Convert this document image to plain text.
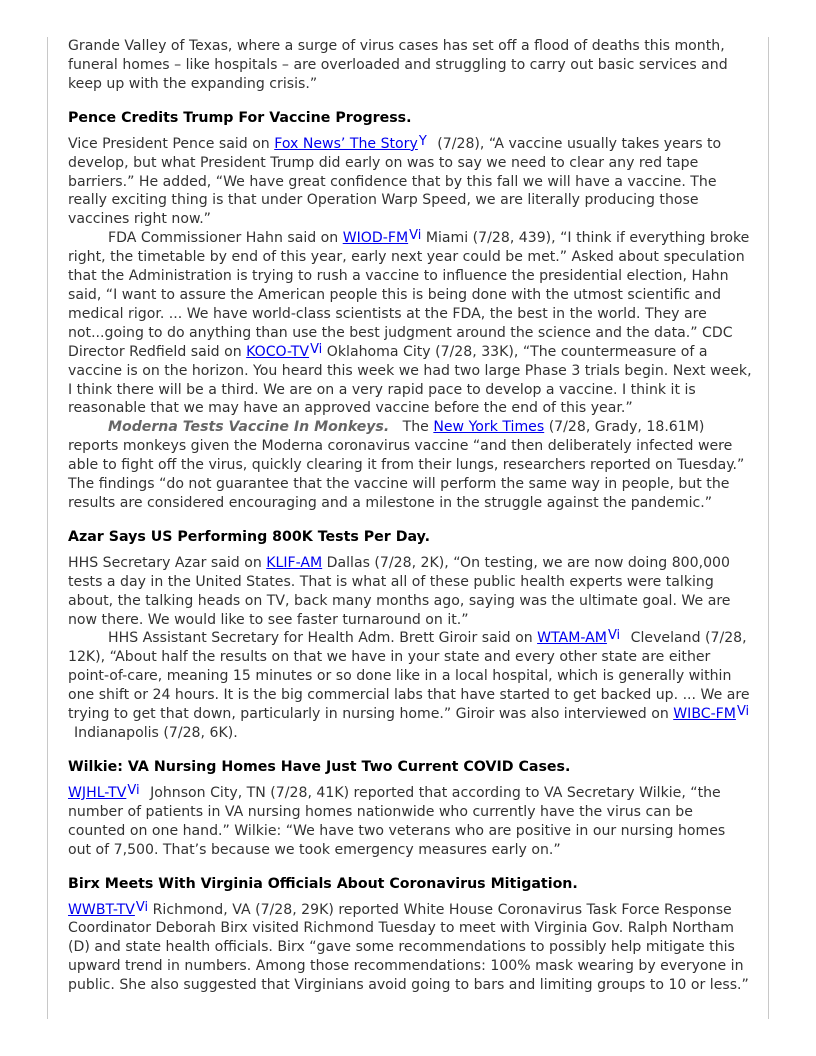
Grande Valley of Texas, where a surge of virus cases has set off a flood of deaths this month, funeral homes – like hospitals – are overloaded and struggling to carry out basic services and keep up with the expanding crisis.”

Pence Credits Trump For Vaccine Progress.

Vice President Pence said on Fox News’ The Story$^Y$ (7/28), “A vaccine usually takes years to develop, but what President Trump did early on was to say we need to clear any red tape barriers.” He added, “We have great confidence that by this fall we will have a vaccine. The really exciting thing is that under Operation Warp Speed, we are literally producing those vaccines right now.”

FDA Commissioner Hahn said on WIOD-$FM^{Vi}$ Miami (7/28, 439), “I think if everything broke right, the timetable by end of this year, early next year could be met.” Asked about speculation that the Administration is trying to rush a vaccine to influence the presidential election, Hahn said, “I want to assure the American people this is being done with the utmost scientific and medical rigor. ... We have world-class scientists at the FDA, the best in the world. They are not...going to do anything than use the best judgment around the science and the data.” CDC Director Redfield said on KOCO-$TV^{Vi}$ Oklahoma City (7/28, 33K), “The countermeasure of a vaccine is on the horizon. You heard this week we had two large Phase 3 trials begin. Next week, I think there will be a third. We are on a very rapid pace to develop a vaccine. I think it is reasonable that we may have an approved vaccine before the end of this year.”

Moderna Tests Vaccine In Monkeys. The New York Times (7/28, Grady, 18.61M) reports monkeys given the Moderna coronavirus vaccine “and then deliberately infected were able to fight off the virus, quickly clearing it from their lungs, researchers reported on Tuesday.” The findings “do not guarantee that the vaccine will perform the same way in people, but the results are considered encouraging and a milestone in the struggle against the pandemic.”

Azar Says US Performing 800K Tests Per Day.

HHS Secretary Azar said on KLIF-AM Dallas (7/28, 2K), “On testing, we are now doing 800,000 tests a day in the United States. That is what all of these public health experts were talking about, the talking heads on TV, back many months ago, saying was the ultimate goal. We are now there. We would like to see faster turnaround on it.”

HHS Assistant Secretary for Health Adm. Brett Giroir said on WTAM-$AM^{Vi}$ Cleveland (7/28, 12K), “About half the results on that we have in your state and every other state are either point-of-care, meaning 15 minutes or so done like in a local hospital, which is generally within one shift or 24 hours. It is the big commercial labs that have started to get backed up. ... We are trying to get that down, particularly in nursing home.” Giroir was also interviewed on WIBC-$FM^{Vi}$ Indianapolis (7/28, 6K).

Wilkie: VA Nursing Homes Have Just Two Current COVID Cases.

WJHL-$TV^{Vi}$ Johnson City, TN (7/28, 41K) reported that according to VA Secretary Wilkie, “the number of patients in VA nursing homes nationwide who currently have the virus can be counted on one hand.” Wilkie: “We have two veterans who are positive in our nursing homes out of 7,500. That’s because we took emergency measures early on.”

Birx Meets With Virginia Officials About Coronavirus Mitigation.

WWBT-$TV^{Vi}$ Richmond, VA (7/28, 29K) reported White House Coronavirus Task Force Response Coordinator Deborah Birx visited Richmond Tuesday to meet with Virginia Gov. Ralph Northam (D) and state health officials. Birx “gave some recommendations to possibly help mitigate this upward trend in numbers. Among those recommendations: 100% mask wearing by everyone in public. She also suggested that Virginians avoid going to bars and limiting groups to 10 or less.”
